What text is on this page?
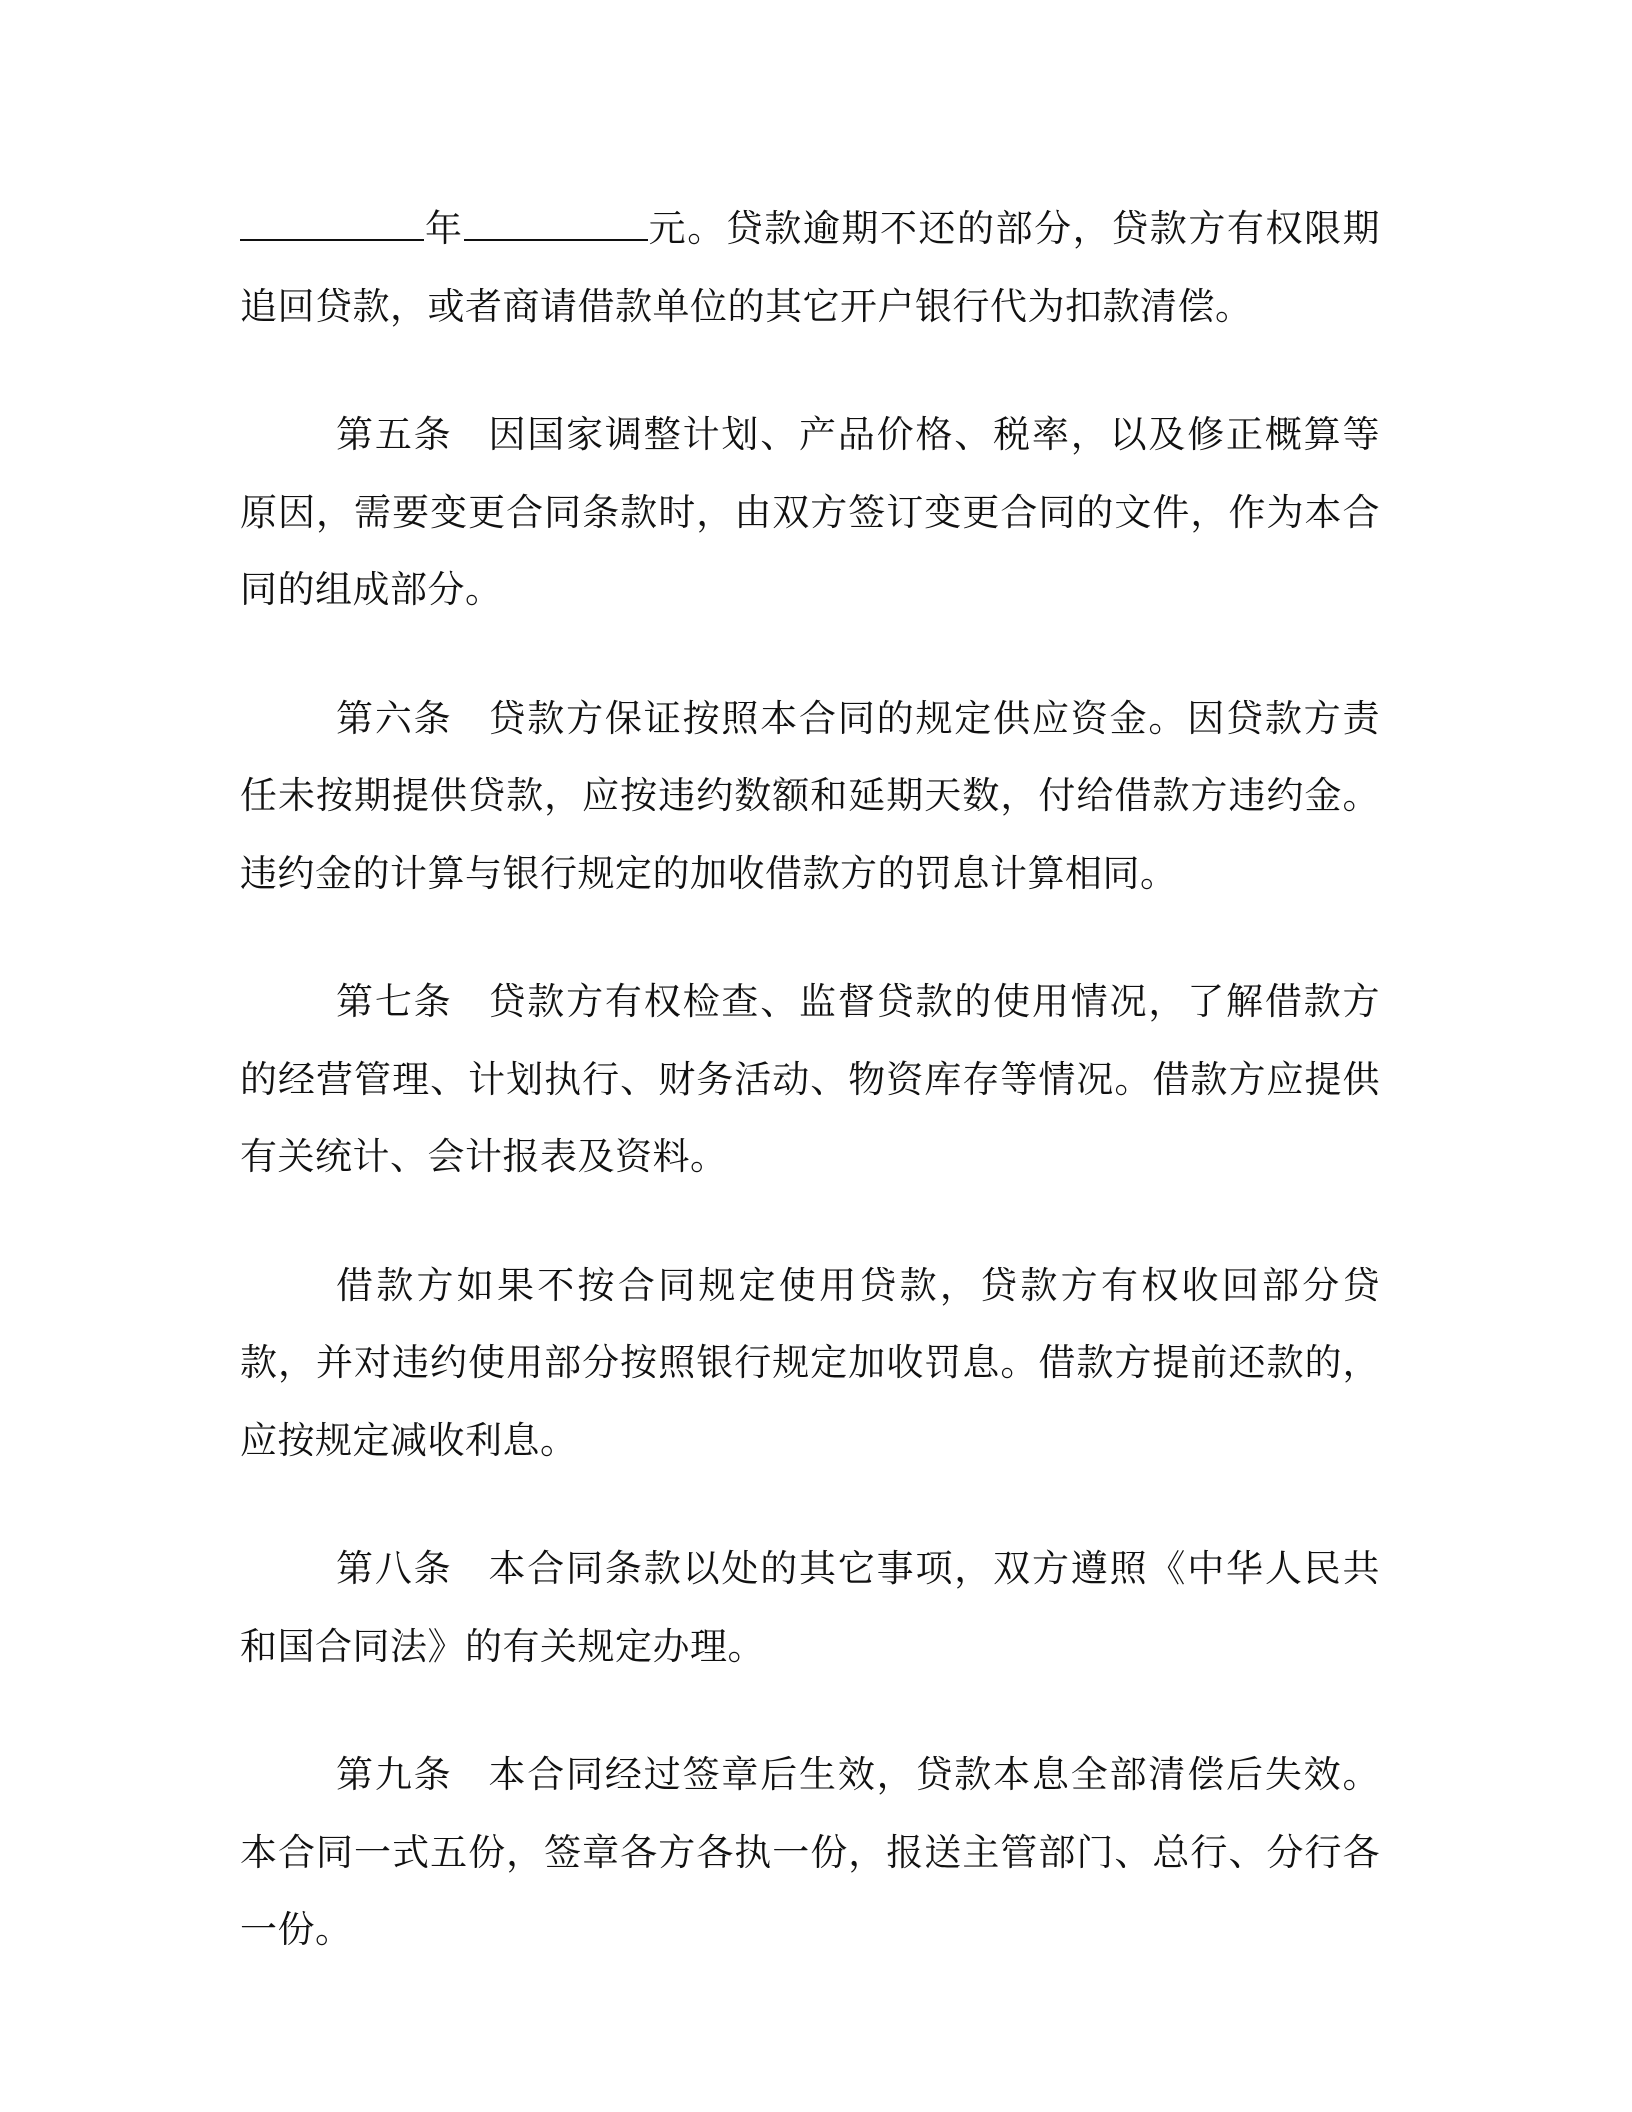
年	元。贷款逾期不还的部分，贷款方有权限期追回贷款，或者商请借款单位的其它开户银行代为扣款清偿。

第五条 因国家调整计划、产品价格、税率，以及修正概算等原因，需要变更合同条款时，由双方签订变更合同的文件，作为本合同的组成部分。

第六条 贷款方保证按照本合同的规定供应资金。因贷款方责任未按期提供贷款，应按违约数额和延期天数，付给借款方违约金。违约金的计算与银行规定的加收借款方的罚息计算相同。

第七条 贷款方有权检查、监督贷款的使用情况，了解借款方的经营管理、计划执行、财务活动、物资库存等情况。借款方应提供有关统计、会计报表及资料。

借款方如果不按合同规定使用贷款，贷款方有权收回部分贷款，并对违约使用部分按照银行规定加收罚息。借款方提前还款的，应按规定减收利息。

第八条 本合同条款以处的其它事项，双方遵照《中华人民共和国合同法》的有关规定办理。

第九条 本合同经过签章后生效，贷款本息全部清偿后失效。本合同一式五份，签章各方各执一份，报送主管部门、总行、分行各一份。
